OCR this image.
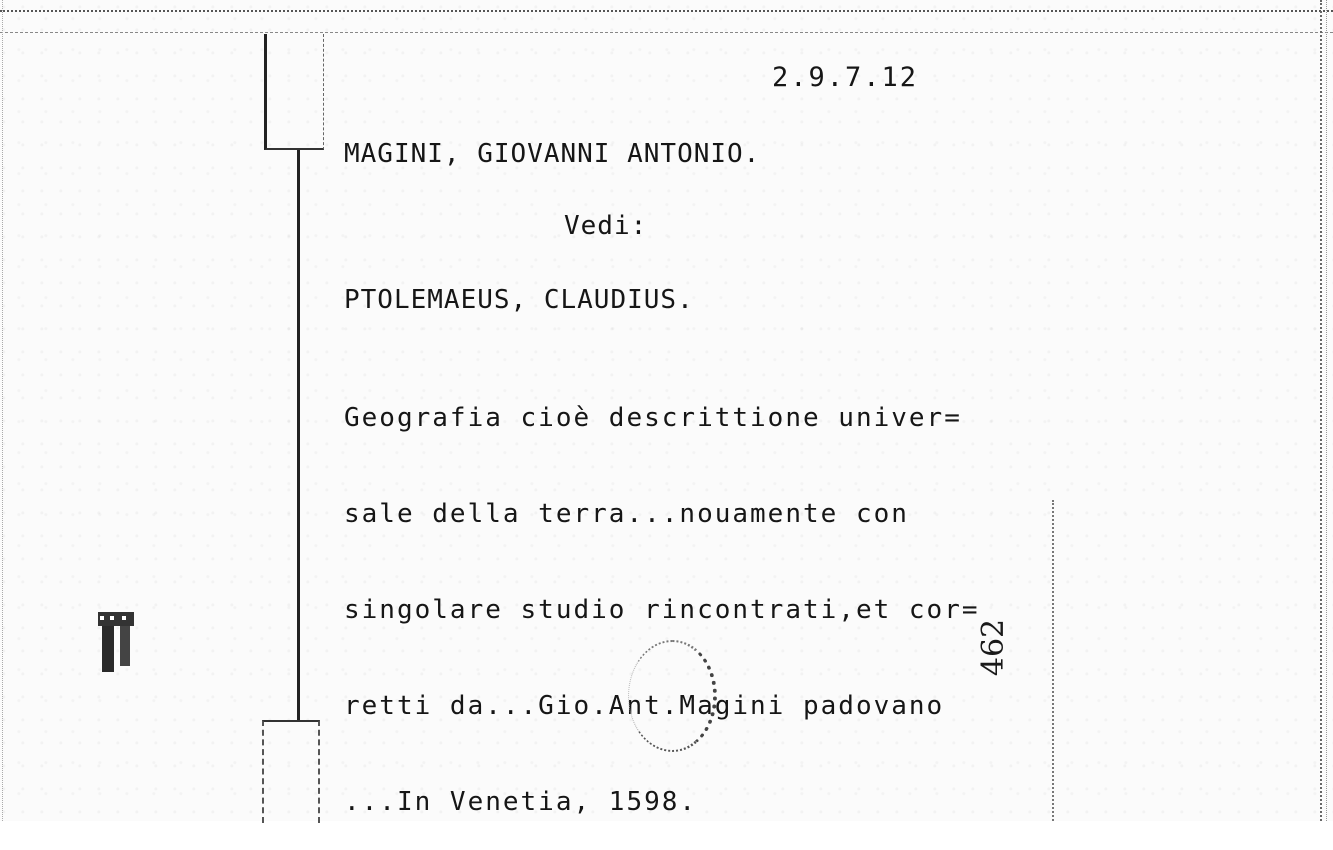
2.9.7.12
MAGINI, GIOVANNI ANTONIO.
Vedi:
PTOLEMAEUS, CLAUDIUS.

Geografia cioè descrittione univer=

sale della terra...nouamente con

singolare studio rincontrati,et cor=

retti da...Gio.Ant.Magini padovano

...In Venetia, 1598.

462
